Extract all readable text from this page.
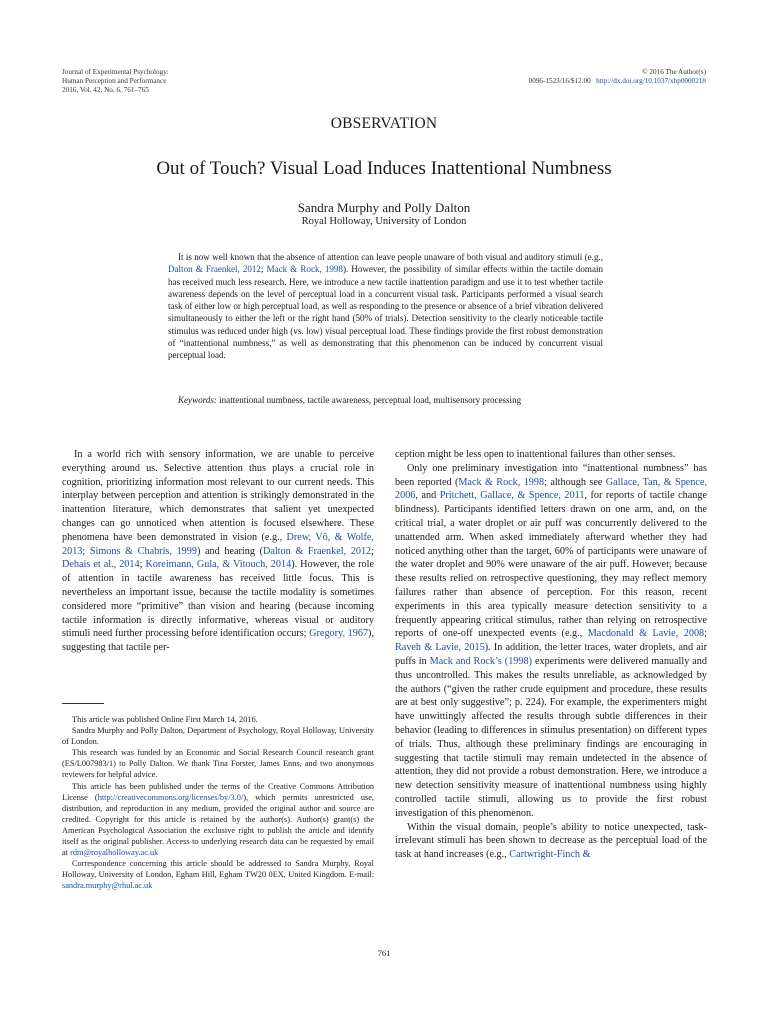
Journal of Experimental Psychology:
Human Perception and Performance
2016, Vol. 42, No. 6, 761–765
© 2016 The Author(s)
0096-1523/16/$12.00 http://dx.doi.org/10.1037/xhp0000218
OBSERVATION
Out of Touch? Visual Load Induces Inattentional Numbness
Sandra Murphy and Polly Dalton
Royal Holloway, University of London
It is now well known that the absence of attention can leave people unaware of both visual and auditory stimuli (e.g., Dalton & Fraenkel, 2012; Mack & Rock, 1998). However, the possibility of similar effects within the tactile domain has received much less research. Here, we introduce a new tactile inattention paradigm and use it to test whether tactile awareness depends on the level of perceptual load in a concurrent visual task. Participants performed a visual search task of either low or high perceptual load, as well as responding to the presence or absence of a brief vibration delivered simultaneously to either the left or the right hand (50% of trials). Detection sensitivity to the clearly noticeable tactile stimulus was reduced under high (vs. low) visual perceptual load. These findings provide the first robust demonstration of “inattentional numbness,” as well as demonstrating that this phenomenon can be induced by concurrent visual perceptual load.
Keywords: inattentional numbness, tactile awareness, perceptual load, multisensory processing

In a world rich with sensory information, we are unable to perceive everything around us. Selective attention thus plays a crucial role in cognition, prioritizing information most relevant to our current needs. This interplay between perception and attention is strikingly demonstrated in the inattention literature, which demonstrates that salient yet unexpected changes can go unnoticed when attention is focused elsewhere. These phenomena have been demonstrated in vision (e.g., Drew, Võ, & Wolfe, 2013; Simons & Chabris, 1999) and hearing (Dalton & Fraenkel, 2012; Dehais et al., 2014; Koreimann, Gula, & Vitouch, 2014). However, the role of attention in tactile awareness has received little focus. This is nevertheless an important issue, because the tactile modality is sometimes considered more “primitive” than vision and hearing (because incoming tactile information is directly informative, whereas visual or auditory stimuli need further processing before identification occurs; Gregory, 1967), suggesting that tactile per-

This article was published Online First March 14, 2016.

Sandra Murphy and Polly Dalton, Department of Psychology, Royal Holloway, University of London.

This research was funded by an Economic and Social Research Council research grant (ES/L007983/1) to Polly Dalton. We thank Tina Forster, James Enns, and two anonymous reviewers for helpful advice.

This article has been published under the terms of the Creative Commons Attribution License (http://creativecommons.org/licenses/by/3.0/), which permits unrestricted use, distribution, and reproduction in any medium, provided the original author and source are credited. Copyright for this article is retained by the author(s). Author(s) grant(s) the American Psychological Association the exclusive right to publish the article and identify itself as the original publisher. Access to underlying research data can be requested by email at rdm@royalholloway.ac.uk

Correspondence concerning this article should be addressed to Sandra Murphy, Royal Holloway, University of London, Egham Hill, Egham TW20 0EX, United Kingdom. E-mail: sandra.murphy@rhul.ac.uk

ception might be less open to inattentional failures than other senses.

Only one preliminary investigation into “inattentional numbness” has been reported (Mack & Rock, 1998; although see Gallace, Tan, & Spence, 2006, and Pritchett, Gallace, & Spence, 2011, for reports of tactile change blindness). Participants identified letters drawn on one arm, and, on the critical trial, a water droplet or air puff was concurrently delivered to the unattended arm. When asked immediately afterward whether they had noticed anything other than the target, 60% of participants were unaware of the water droplet and 90% were unaware of the air puff. However, because these results relied on retrospective questioning, they may reflect memory failures rather than absence of perception. For this reason, recent experiments in this area typically measure detection sensitivity to a frequently appearing critical stimulus, rather than relying on retrospective reports of one-off unexpected events (e.g., Macdonald & Lavie, 2008; Raveh & Lavie, 2015). In addition, the letter traces, water droplets, and air puffs in Mack and Rock’s (1998) experiments were delivered manually and thus uncontrolled. This makes the results unreliable, as acknowledged by the authors (“given the rather crude equipment and procedure, these results are at best only suggestive”; p. 224). For example, the experimenters might have unwittingly affected the results through subtle differences in their behavior (leading to differences in stimulus presentation) on different types of trials. Thus, although these preliminary findings are encouraging in suggesting that tactile stimuli may remain undetected in the absence of attention, they did not provide a robust demonstration. Here, we introduce a new detection sensitivity measure of inattentional numbness using highly controlled tactile stimuli, allowing us to provide the first robust investigation of this phenomenon.

Within the visual domain, people’s ability to notice unexpected, task-irrelevant stimuli has been shown to decrease as the perceptual load of the task at hand increases (e.g., Cartwright-Finch &

761
